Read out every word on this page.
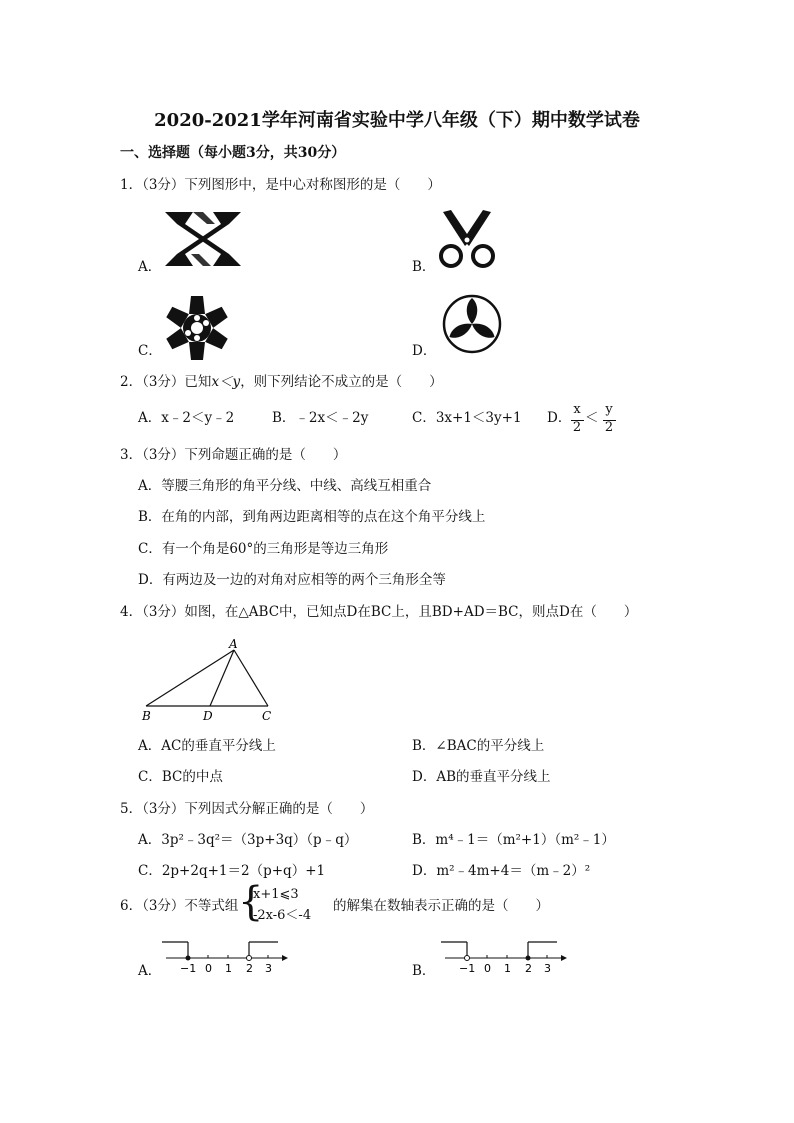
2020-2021学年河南省实验中学八年级（下）期中数学试卷
一、选择题（每小题3分，共30分）
1．（3分）下列图形中，是中心对称图形的是（　　）
A．	B．
C．	D．
2．（3分）已知x＜y，则下列结论不成立的是（　　）
A．x﹣2＜y﹣2	B．﹣2x＜﹣2y	C．3x+1＜3y+1 D．
x
2
＜
y
2
3．（3分）下列命题正确的是（　　）
A．等腰三角形的角平分线、中线、高线互相重合
B．在角的内部，到角两边距离相等的点在这个角平分线上
C．有一个角是60°的三角形是等边三角形
D．有两边及一边的对角对应相等的两个三角形全等
4．（3分）如图，在△ABC中，已知点D在BC上，且BD+AD＝BC，则点D在（　　）
A
B	D	C
A．AC的垂直平分线上	B．∠BAC的平分线上
C．BC的中点	D．AB的垂直平分线上
5．（3分）下列因式分解正确的是（　　）
A．3p²﹣3q²＝（3p+3q）（p﹣q）	B．m⁴﹣1＝（m²+1）（m²﹣1）
C．2p+2q+1＝2（p+q）+1	D．m²﹣4m+4＝（m﹣2）²
6．（3分）不等式组 {
x+1⩽3
-2x-6＜-4
的解集在数轴表示正确的是（　　）
A． −1 0 1 2 3	B． −1 0 1 2 3
